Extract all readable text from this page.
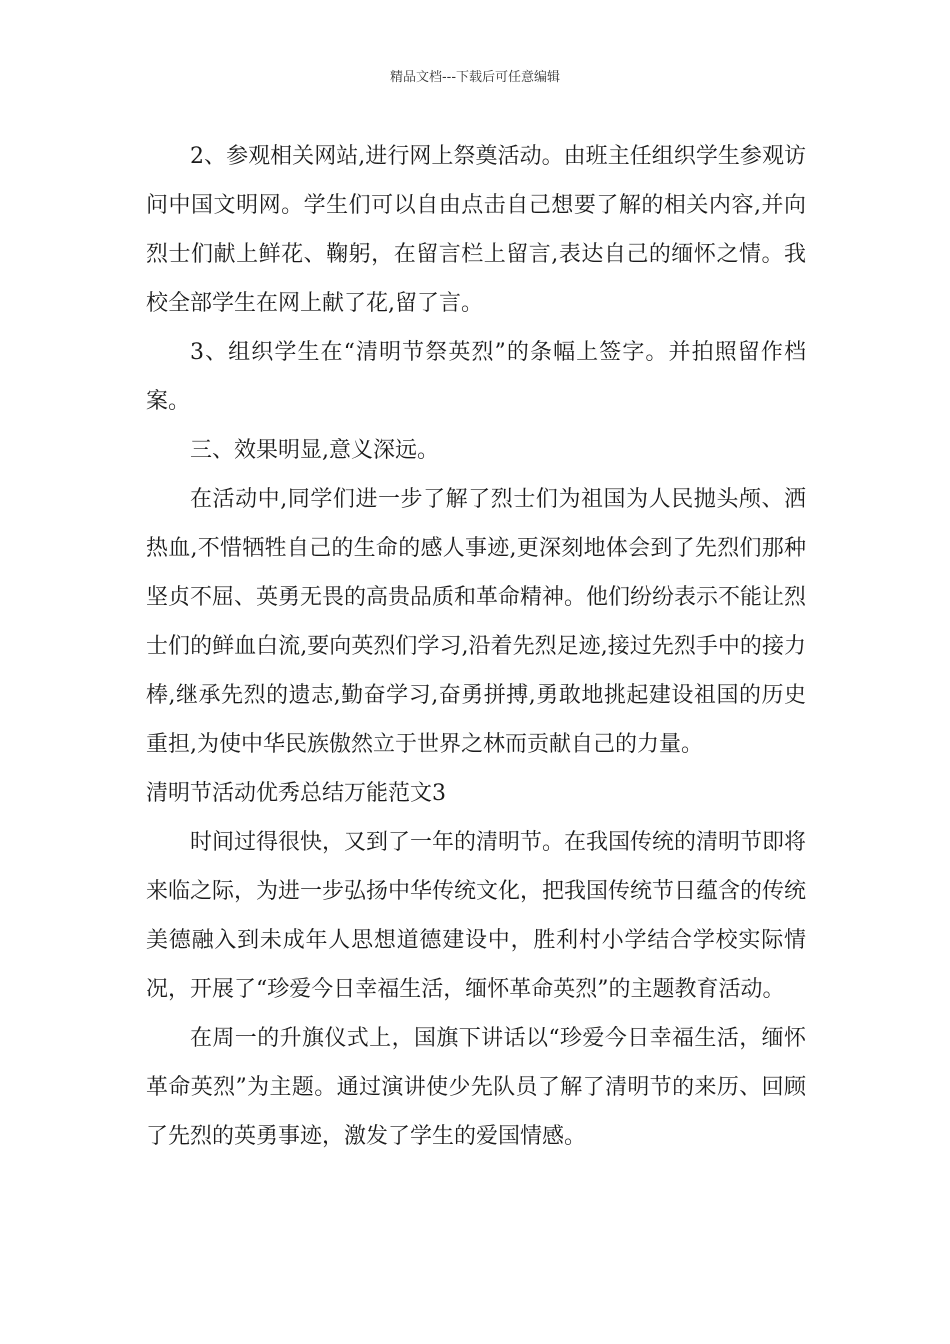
精品文档---下载后可任意编辑

2、参观相关网站,进行网上祭奠活动。由班主任组织学生参观访问中国文明网。学生们可以自由点击自己想要了解的相关内容,并向烈士们献上鲜花、鞠躬，在留言栏上留言,表达自己的缅怀之情。我校全部学生在网上献了花,留了言。

3、组织学生在“清明节祭英烈”的条幅上签字。并拍照留作档案。

三、效果明显,意义深远。

在活动中,同学们进一步了解了烈士们为祖国为人民抛头颅、洒热血,不惜牺牲自己的生命的感人事迹,更深刻地体会到了先烈们那种坚贞不屈、英勇无畏的高贵品质和革命精神。他们纷纷表示不能让烈士们的鲜血白流,要向英烈们学习,沿着先烈足迹,接过先烈手中的接力棒,继承先烈的遗志,勤奋学习,奋勇拼搏,勇敢地挑起建设祖国的历史重担,为使中华民族傲然立于世界之林而贡献自己的力量。

清明节活动优秀总结万能范文3

时间过得很快，又到了一年的清明节。在我国传统的清明节即将来临之际，为进一步弘扬中华传统文化，把我国传统节日蕴含的传统美德融入到未成年人思想道德建设中，胜利村小学结合学校实际情况，开展了“珍爱今日幸福生活，缅怀革命英烈”的主题教育活动。

在周一的升旗仪式上，国旗下讲话以“珍爱今日幸福生活，缅怀革命英烈”为主题。通过演讲使少先队员了解了清明节的来历、回顾了先烈的英勇事迹，激发了学生的爱国情感。
